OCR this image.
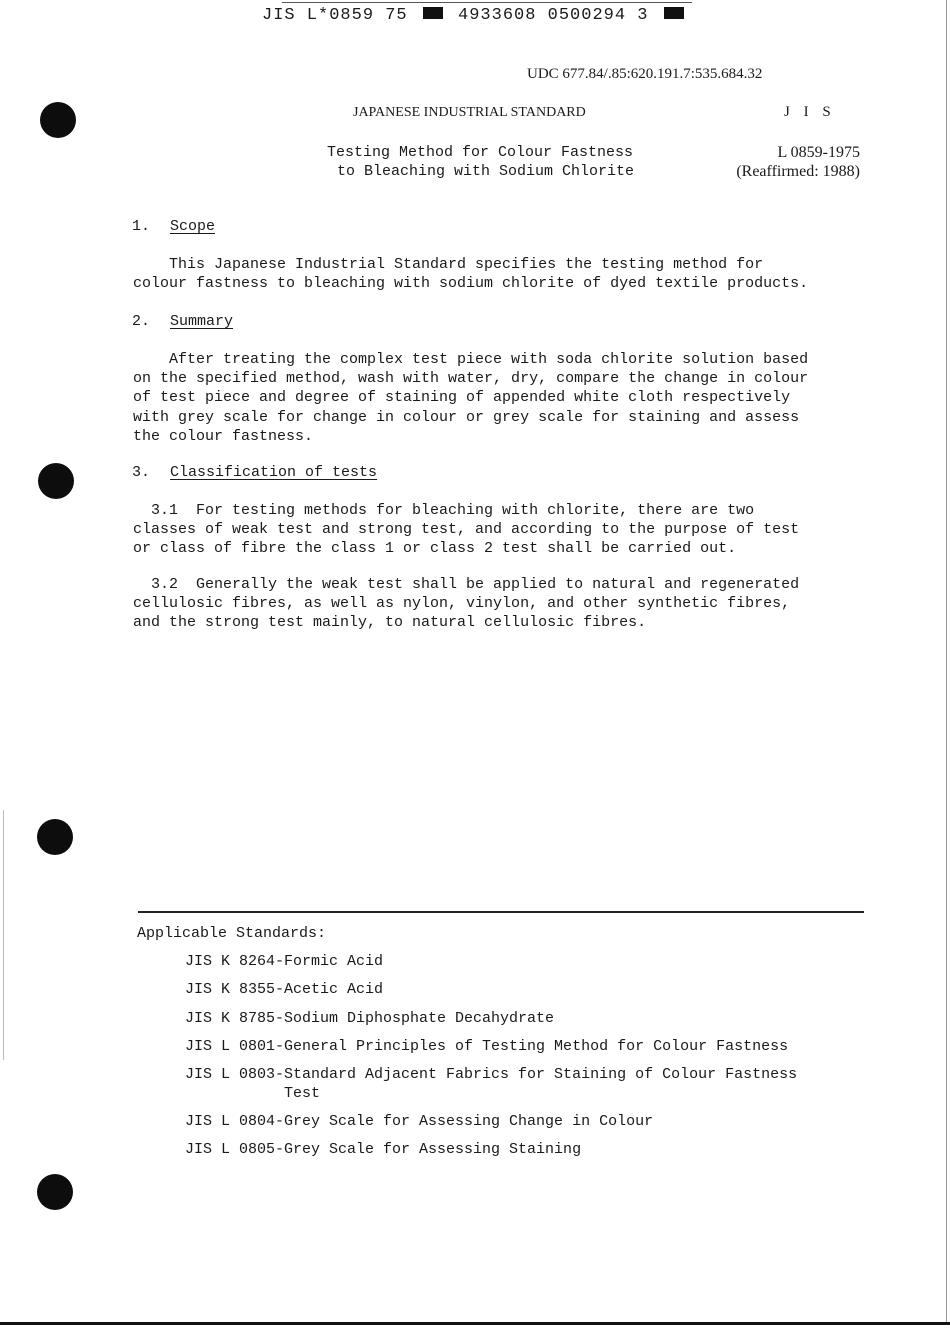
JIS L*0859 75	4933608 0500294 3
UDC 677.84/.85:620.191.7:535.684.32
JAPANESE INDUSTRIAL STANDARD	J I S
Testing Method for Colour Fastness
to Bleaching with Sodium Chlorite
L 0859-1975
(Reaffirmed: 1988)
1. Scope
This Japanese Industrial Standard specifies the testing method for
colour fastness to bleaching with sodium chlorite of dyed textile products.
2. Summary
After treating the complex test piece with soda chlorite solution based
on the specified method, wash with water, dry, compare the change in colour
of test piece and degree of staining of appended white cloth respectively
with grey scale for change in colour or grey scale for staining and assess
the colour fastness.
3. Classification of tests
3.1  For testing methods for bleaching with chlorite, there are two
classes of weak test and strong test, and according to the purpose of test
or class of fibre the class 1 or class 2 test shall be carried out.
3.2  Generally the weak test shall be applied to natural and regenerated
cellulosic fibres, as well as nylon, vinylon, and other synthetic fibres,
and the strong test mainly, to natural cellulosic fibres.
Applicable Standards:
JIS K 8264-Formic Acid
JIS K 8355-Acetic Acid
JIS K 8785-Sodium Diphosphate Decahydrate
JIS L 0801-General Principles of Testing Method for Colour Fastness
JIS L 0803-Standard Adjacent Fabrics for Staining of Colour Fastness
Test
JIS L 0804-Grey Scale for Assessing Change in Colour
JIS L 0805-Grey Scale for Assessing Staining
